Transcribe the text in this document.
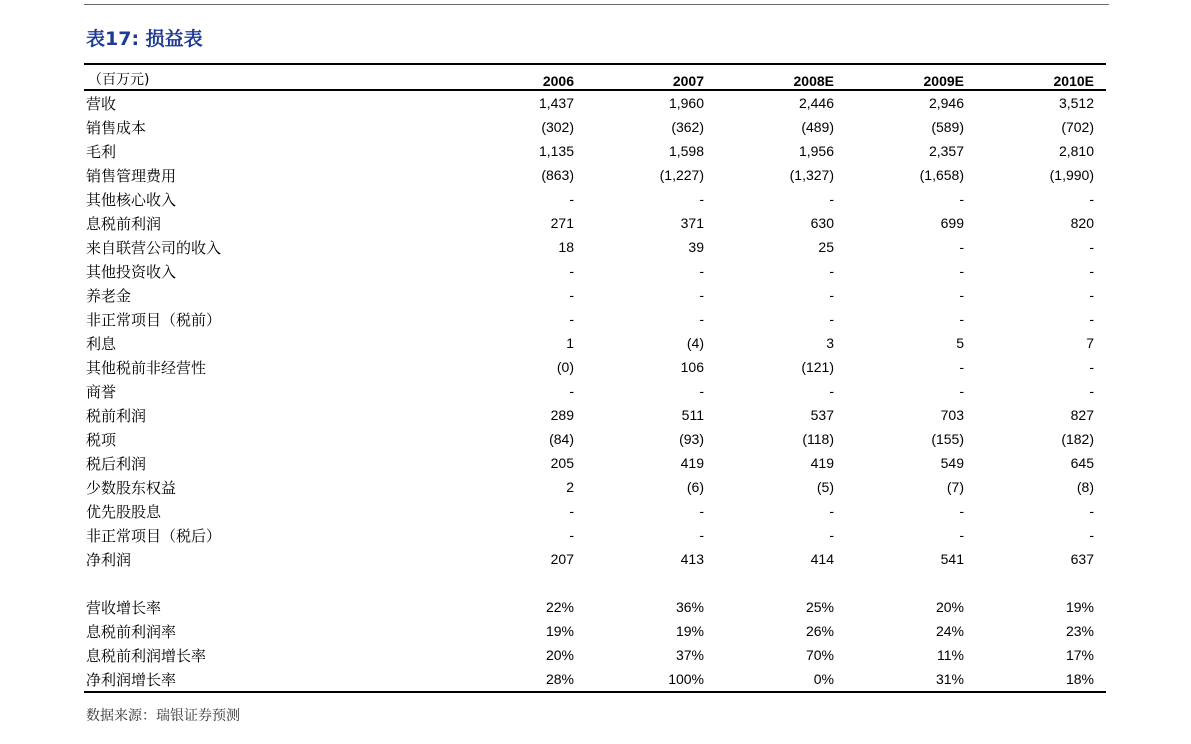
表17: 损益表
（百万元)	2006	2007	2008E	2009E	2010E
营收	1,437	1,960	2,446	2,946	3,512
销售成本	(302)	(362)	(489)	(589)	(702)
毛利	1,135	1,598	1,956	2,357	2,810
销售管理费用	(863)	(1,227)	(1,327)	(1,658)	(1,990)
其他核心收入	-	-	-	-	-
息税前利润	271	371	630	699	820
来自联营公司的收入	18	39	25	-	-
其他投资收入	-	-	-	-	-
养老金	-	-	-	-	-
非正常项目（税前）	-	-	-	-	-
利息	1	(4)	3	5	7
其他税前非经营性	(0)	106	(121)	-	-
商誉	-	-	-	-	-
税前利润	289	511	537	703	827
税项	(84)	(93)	(118)	(155)	(182)
税后利润	205	419	419	549	645
少数股东权益	2	(6)	(5)	(7)	(8)
优先股股息	-	-	-	-	-
非正常项目（税后）	-	-	-	-	-
净利润	207	413	414	541	637

营收增长率	22%	36%	25%	20%	19%
息税前利润率	19%	19%	26%	24%	23%
息税前利润增长率	20%	37%	70%	11%	17%
净利润增长率	28%	100%	0%	31%	18%
数据来源：瑞银证券预测
